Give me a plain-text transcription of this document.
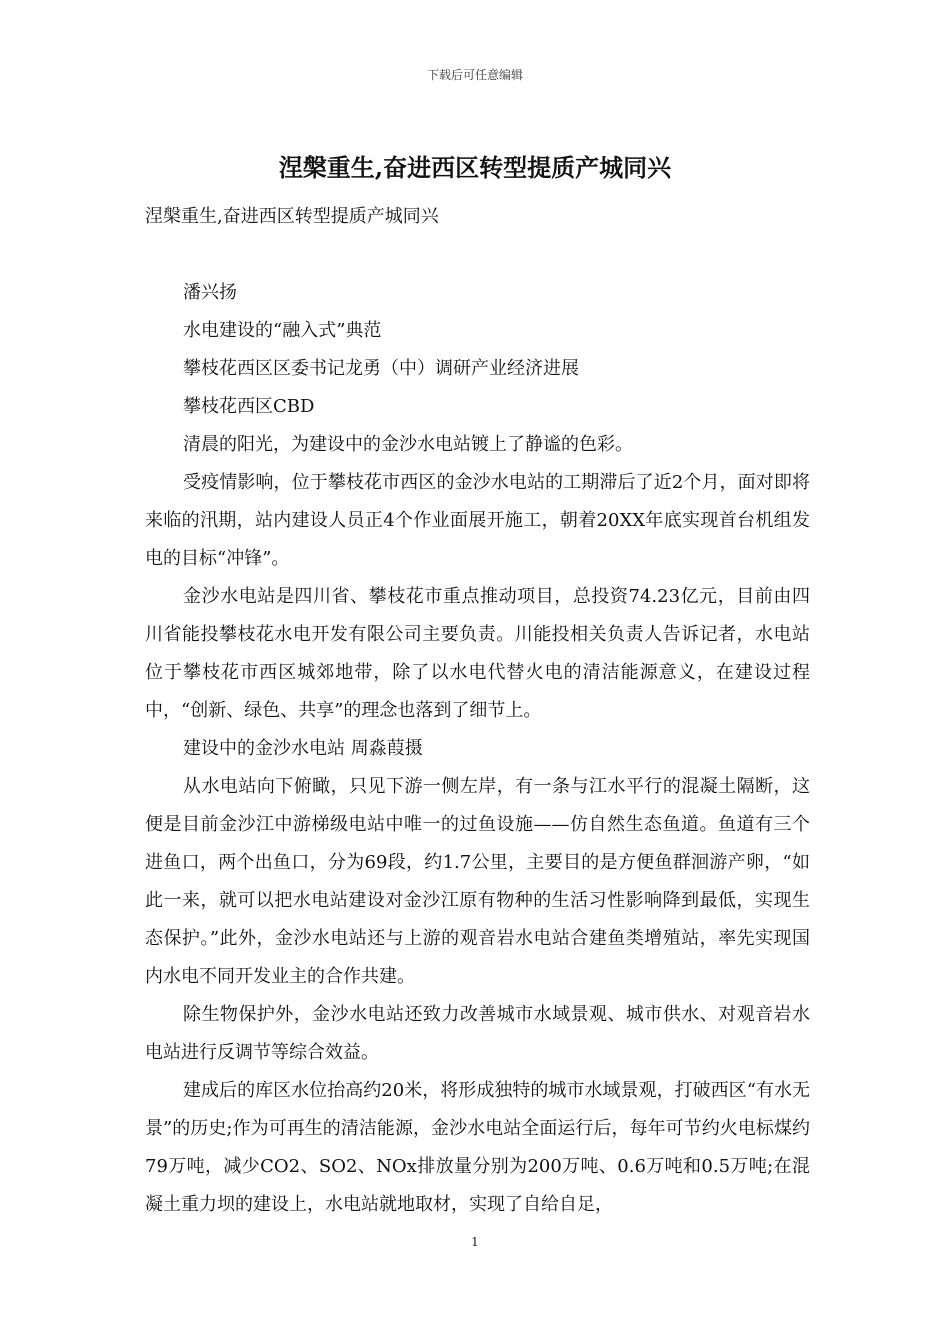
下载后可任意编辑
涅槃重生,奋进西区转型提质产城同兴

涅槃重生,奋进西区转型提质产城同兴

潘兴扬

水电建设的“融入式”典范

攀枝花西区区委书记龙勇（中）调研产业经济进展

攀枝花西区CBD

清晨的阳光，为建设中的金沙水电站镀上了静谧的色彩。

受疫情影响，位于攀枝花市西区的金沙水电站的工期滞后了近2个月，面对即将来临的汛期，站内建设人员正4个作业面展开施工，朝着20XX年底实现首台机组发电的目标“冲锋”。

金沙水电站是四川省、攀枝花市重点推动项目，总投资74.23亿元，目前由四川省能投攀枝花水电开发有限公司主要负责。川能投相关负责人告诉记者，水电站位于攀枝花市西区城郊地带，除了以水电代替火电的清洁能源意义，在建设过程中，“创新、绿色、共享”的理念也落到了细节上。

建设中的金沙水电站 周淼葭摄

从水电站向下俯瞰，只见下游一侧左岸，有一条与江水平行的混凝土隔断，这便是目前金沙江中游梯级电站中唯一的过鱼设施——仿自然生态鱼道。鱼道有三个进鱼口，两个出鱼口，分为69段，约1.7公里，主要目的是方便鱼群洄游产卵，“如此一来，就可以把水电站建设对金沙江原有物种的生活习性影响降到最低，实现生态保护。”此外，金沙水电站还与上游的观音岩水电站合建鱼类增殖站，率先实现国内水电不同开发业主的合作共建。

除生物保护外，金沙水电站还致力改善城市水域景观、城市供水、对观音岩水电站进行反调节等综合效益。

建成后的库区水位抬高约20米，将形成独特的城市水域景观，打破西区“有水无景”的历史;作为可再生的清洁能源，金沙水电站全面运行后，每年可节约火电标煤约79万吨，减少CO2、SO2、NOx排放量分别为200万吨、0.6万吨和0.5万吨;在混凝土重力坝的建设上，水电站就地取材，实现了自给自足，

1
